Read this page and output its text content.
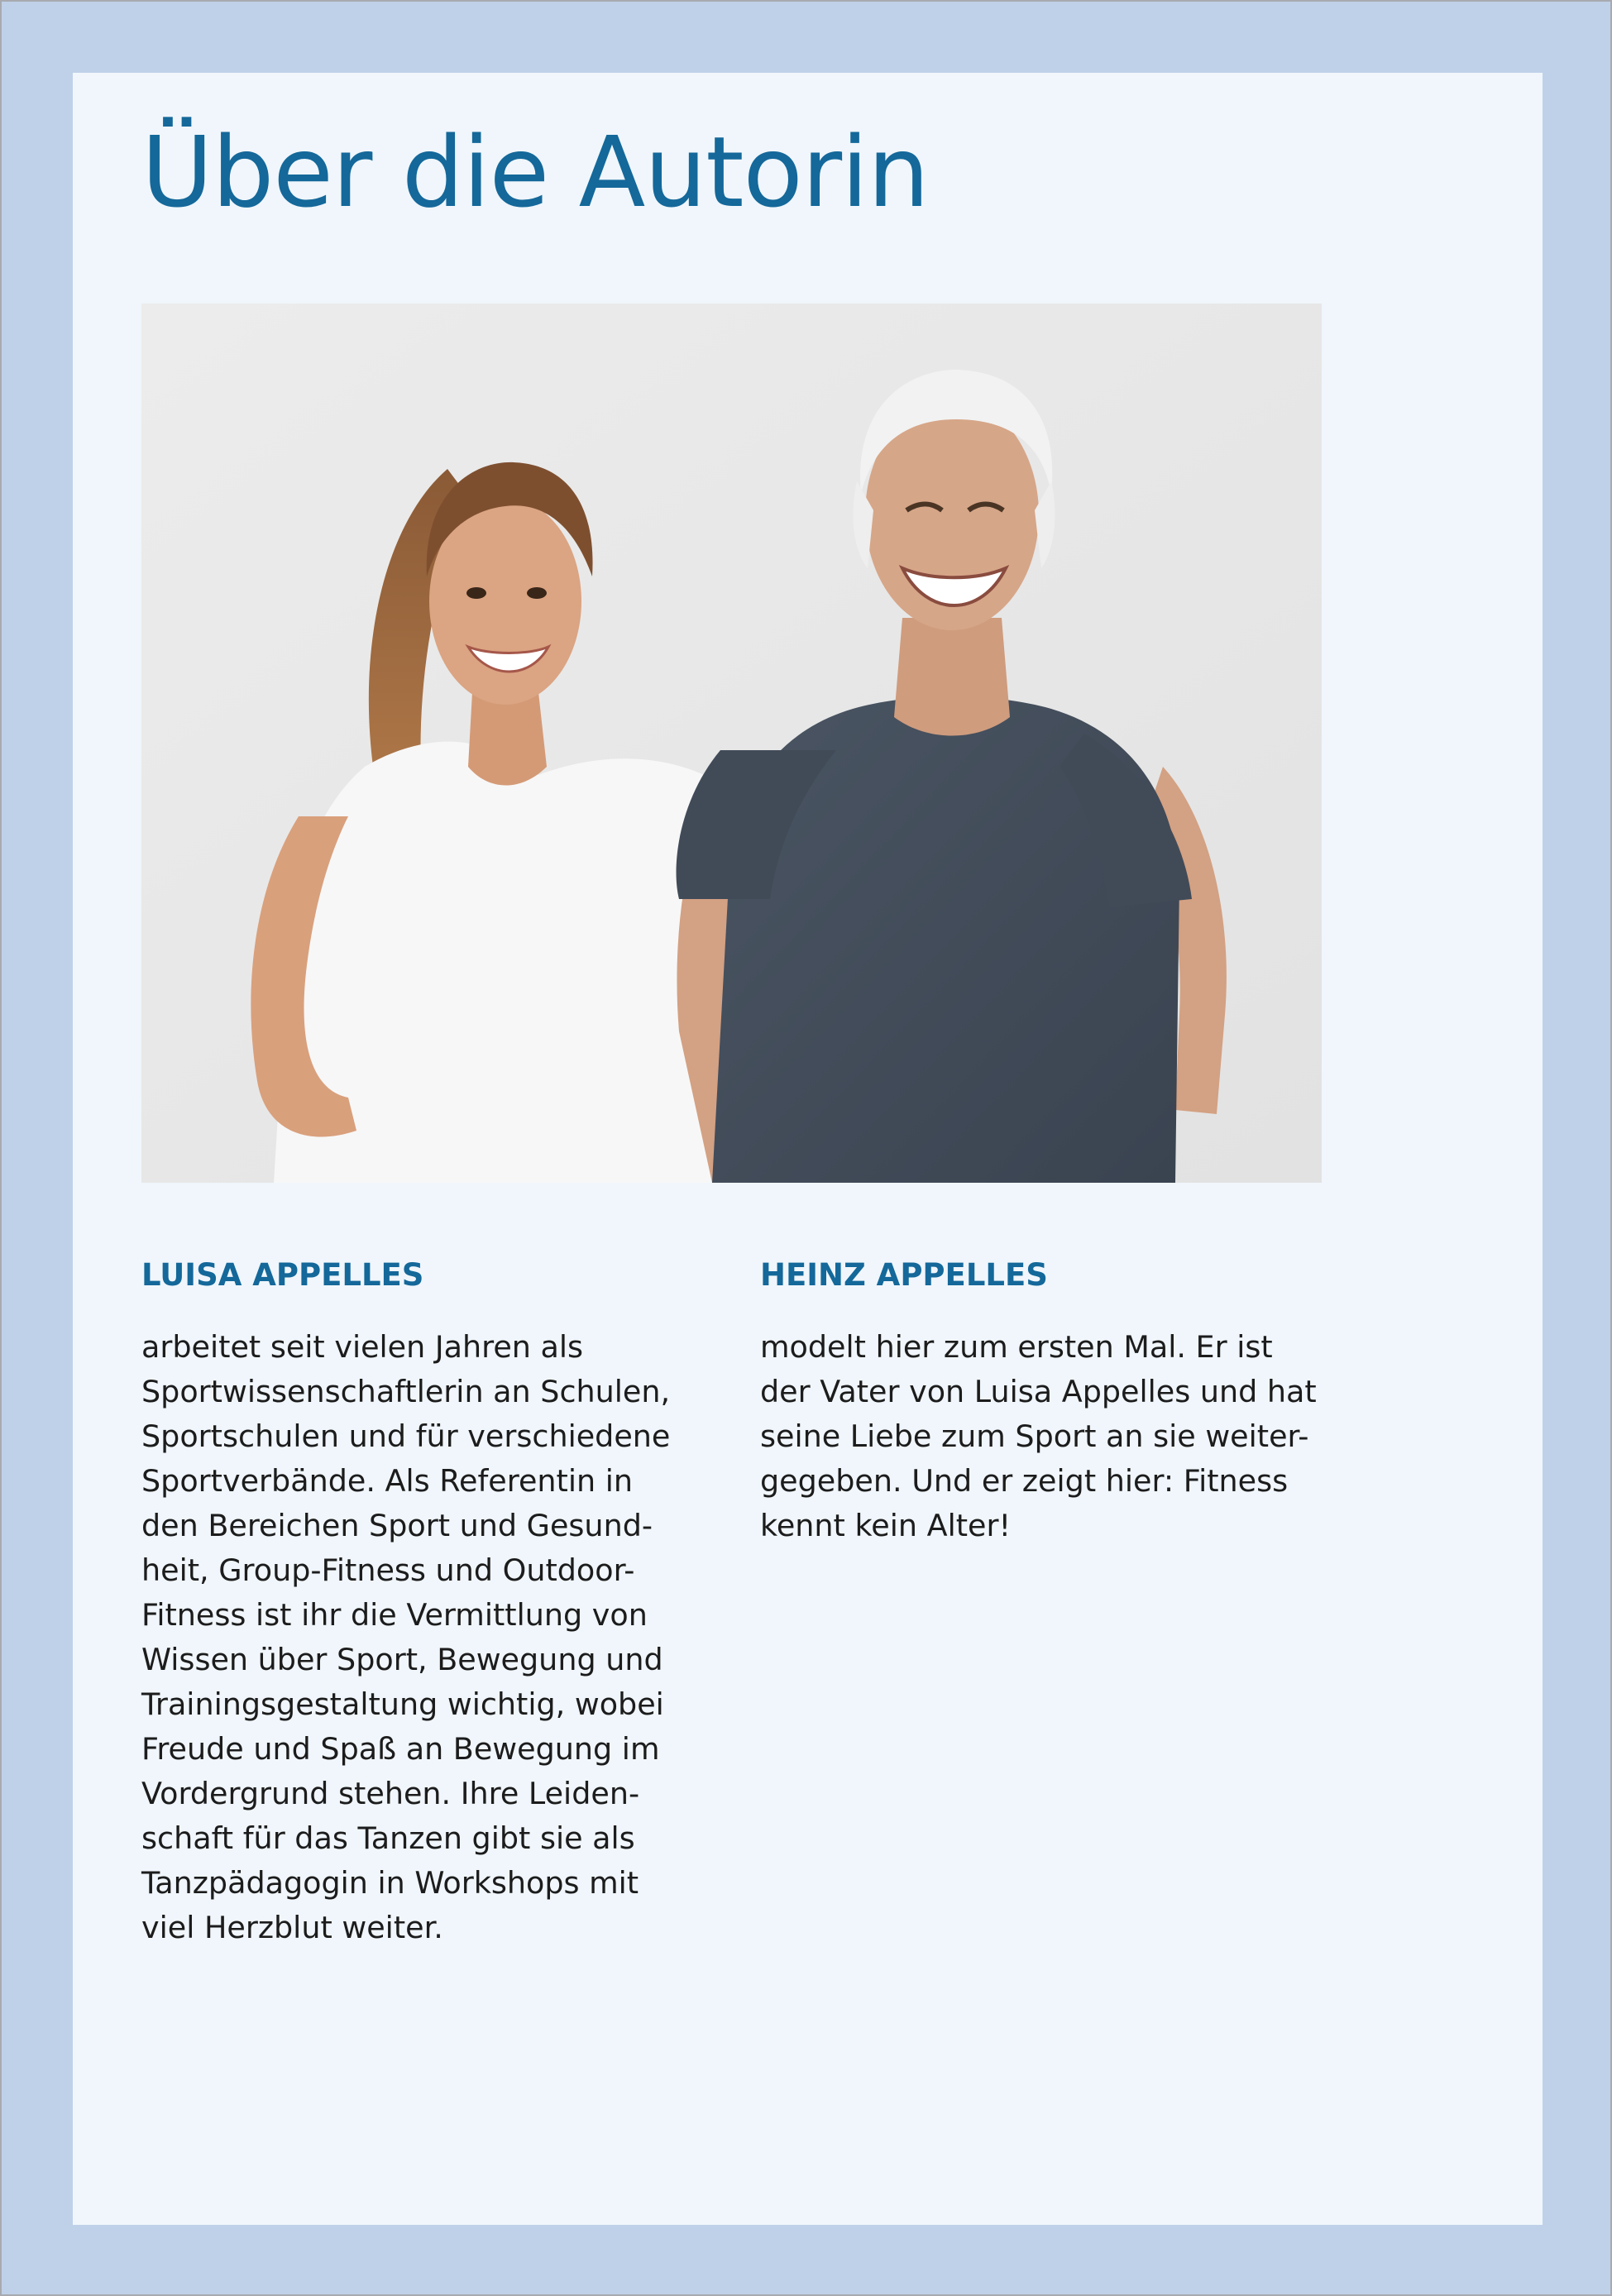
Über die Autorin
LUISA APPELLES

arbeitet seit vielen Jahren als
Sportwissenschaftlerin an Schulen,
Sportschulen und für verschiedene
Sportverbände. Als Referentin in
den Bereichen Sport und Gesund-
heit, Group-Fitness und Outdoor-
Fitness ist ihr die Vermittlung von
Wissen über Sport, Bewegung und
Trainingsgestaltung wichtig, wobei
Freude und Spaß an Bewegung im
Vordergrund stehen. Ihre Leiden-
schaft für das Tanzen gibt sie als
Tanzpädagogin in Workshops mit
viel Herzblut weiter.

HEINZ APPELLES

modelt hier zum ersten Mal. Er ist
der Vater von Luisa Appelles und hat
seine Liebe zum Sport an sie weiter-
gegeben. Und er zeigt hier: Fitness
kennt kein Alter!
